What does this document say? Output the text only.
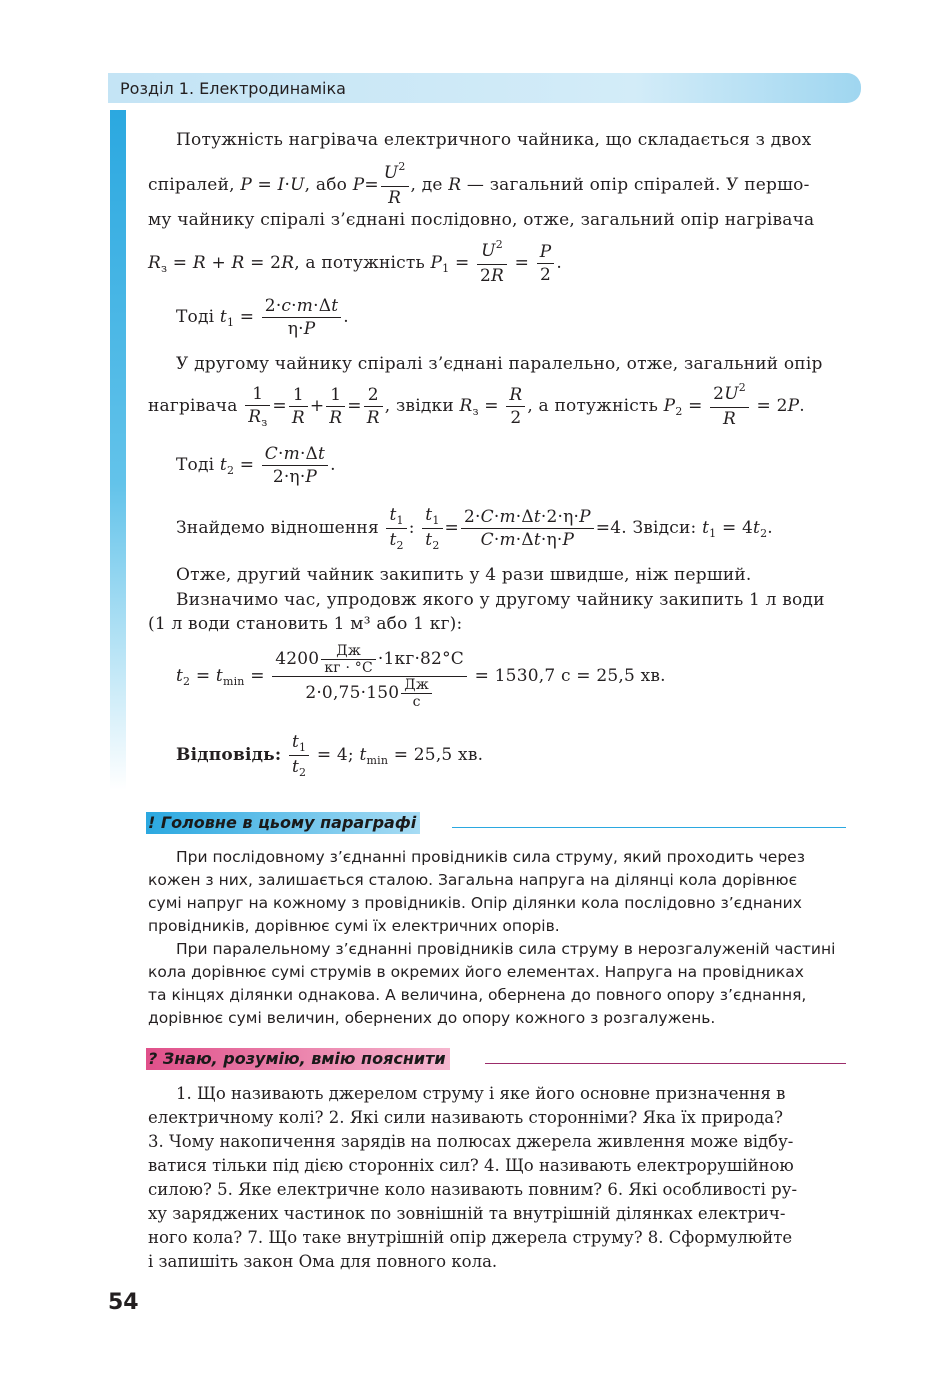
Розділ 1. Електродинаміка
Потужність нагрівача електричного чайника, що складається з двох
спіралей, P = I·U, або $P= \frac{U^2}{R}$ , де R — загальний опір спіралей. У першо-
му чайнику спіралі з’єднані послідовно, отже, загальний опір нагрівача
$R_з = R + R = 2R$, а потужність $P_1 = \frac{U^2}{2R} = \frac{P}{2}$ .
Тоді $t_1 = \frac{2\cdot c\cdot m\cdot\Delta t}{\eta\cdot P}$ .
У другому чайнику спіралі з’єднані паралельно, отже, загальний опір
нагрівача $\frac{1}{R_з} = \frac{1}{R} + \frac{1}{R} = \frac{2}{R}$ , звідки $R_з = \frac{R}{2}$ , а потужність $P_2 = \frac{2U^2}{R} = 2P$.
Тоді $t_2 = \frac{C\cdot m\cdot\Delta t}{2\cdot\eta\cdot P}$ .
Знайдемо відношення $\frac{t_1}{t_2}$ : $\frac{t_1}{t_2} = \frac{2\cdot C\cdot m\cdot\Delta t\cdot 2\cdot\eta\cdot P}{C\cdot m\cdot\Delta t\cdot\eta\cdot P} =4$. Звідси: $t_1 = 4t_2$.
Отже, другий чайник закипить у 4 рази швидше, ніж перший.
Визначимо час, упродовж якого у другому чайнику закипить 1 л води
(1 л води становить 1 м³ або 1 кг):
$t_2 = t_{min} = \frac{4200 \frac{Дж}{кг \cdot ^\circ С} \cdot 1кг\cdot 82^\circ С}{2\cdot 0,75\cdot 150 \frac{Дж}{с}} = 1530,7$ с = 25,5 хв.
Відповідь: $\frac{t_1}{t_2} = 4$; $t_{min} = 25,5$ хв.
! Головне в цьому параграфі
При послідовному з’єднанні провідників сила струму, який проходить через
кожен з них, залишається сталою. Загальна напруга на ділянці кола дорівнює
сумі напруг на кожному з провідників. Опір ділянки кола послідовно з’єднаних
провідників, дорівнює сумі їх електричних опорів.
При паралельному з’єднанні провідників сила струму в нерозгалуженій частині
кола дорівнює сумі струмів в окремих його елементах. Напруга на провідниках
та кінцях ділянки однакова. А величина, обернена до повного опору з’єднання,
дорівнює сумі величин, обернених до опору кожного з розгалужень.
? Знаю, розумію, вмію пояснити
1. Що називають джерелом струму і яке його основне призначення в
електричному колі? 2. Які сили називають сторонніми? Яка їх природа?
3. Чому накопичення зарядів на полюсах джерела живлення може відбу-
ватися тільки під дією сторонніх сил? 4. Що називають електрорушійною
силою? 5. Яке електричне коло називають повним? 6. Які особливості ру-
ху заряджених частинок по зовнішній та внутрішній ділянках електрич-
ного кола? 7. Що таке внутрішній опір джерела струму? 8. Сформулюйте
і запишіть закон Ома для повного кола.
54
